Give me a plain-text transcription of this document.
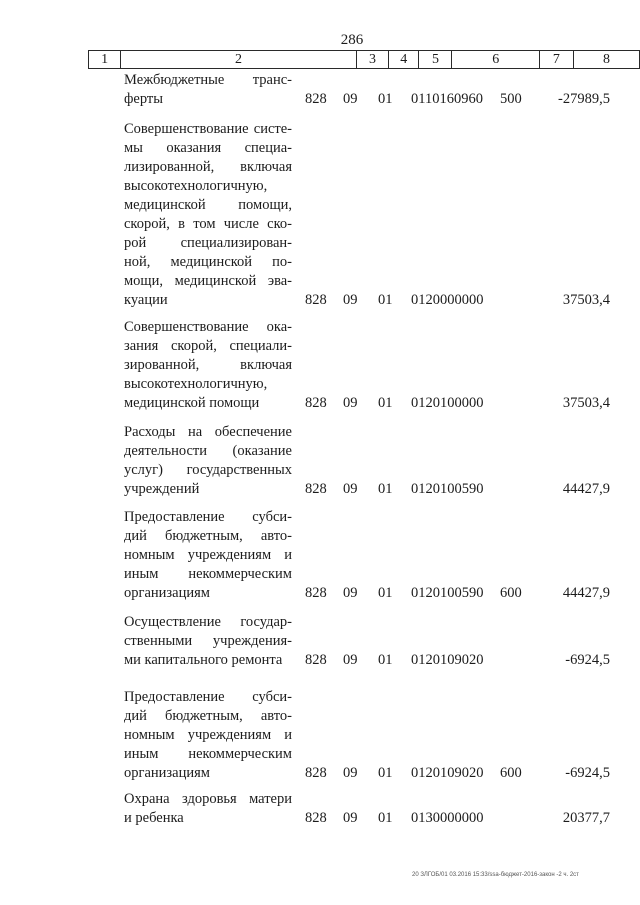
286
1	2	3	4	5	6	7	8
Межбюджетные транс-
ферты	828 09 01 0110160960 500	-27989,5
Совершенствование систе-
мы оказания специа-
лизированной, включая
высокотехнологичную,
медицинской помощи,
скорой, в том числе ско-
рой специализирован-
ной, медицинской по-
мощи, медицинской эва-
куации	828 09 01 0120000000	37503,4
Совершенствование ока-
зания скорой, специали-
зированной, включая
высокотехнологичную,
медицинской помощи	828 09 01 0120100000	37503,4
Расходы на обеспечение
деятельности (оказание
услуг) государственных
учреждений	828 09 01 0120100590	44427,9
Предоставление субси-
дий бюджетным, авто-
номным учреждениям и
иным некоммерческим
организациям	828 09 01 0120100590 600	44427,9
Осуществление государ-
ственными учреждения-
ми капитального ремонта	828 09 01 0120109020	-6924,5
Предоставление субси-
дий бюджетным, авто-
номным учреждениям и
иным некоммерческим
организациям	828 09 01 0120109020 600	-6924,5
Охрана здоровья матери
и ребенка	828 09 01 0130000000	20377,7
20 ЗЛГОБ/01 03.2016 15:33/ssa-бюджет-2016-закон -2 ч. 2ст
